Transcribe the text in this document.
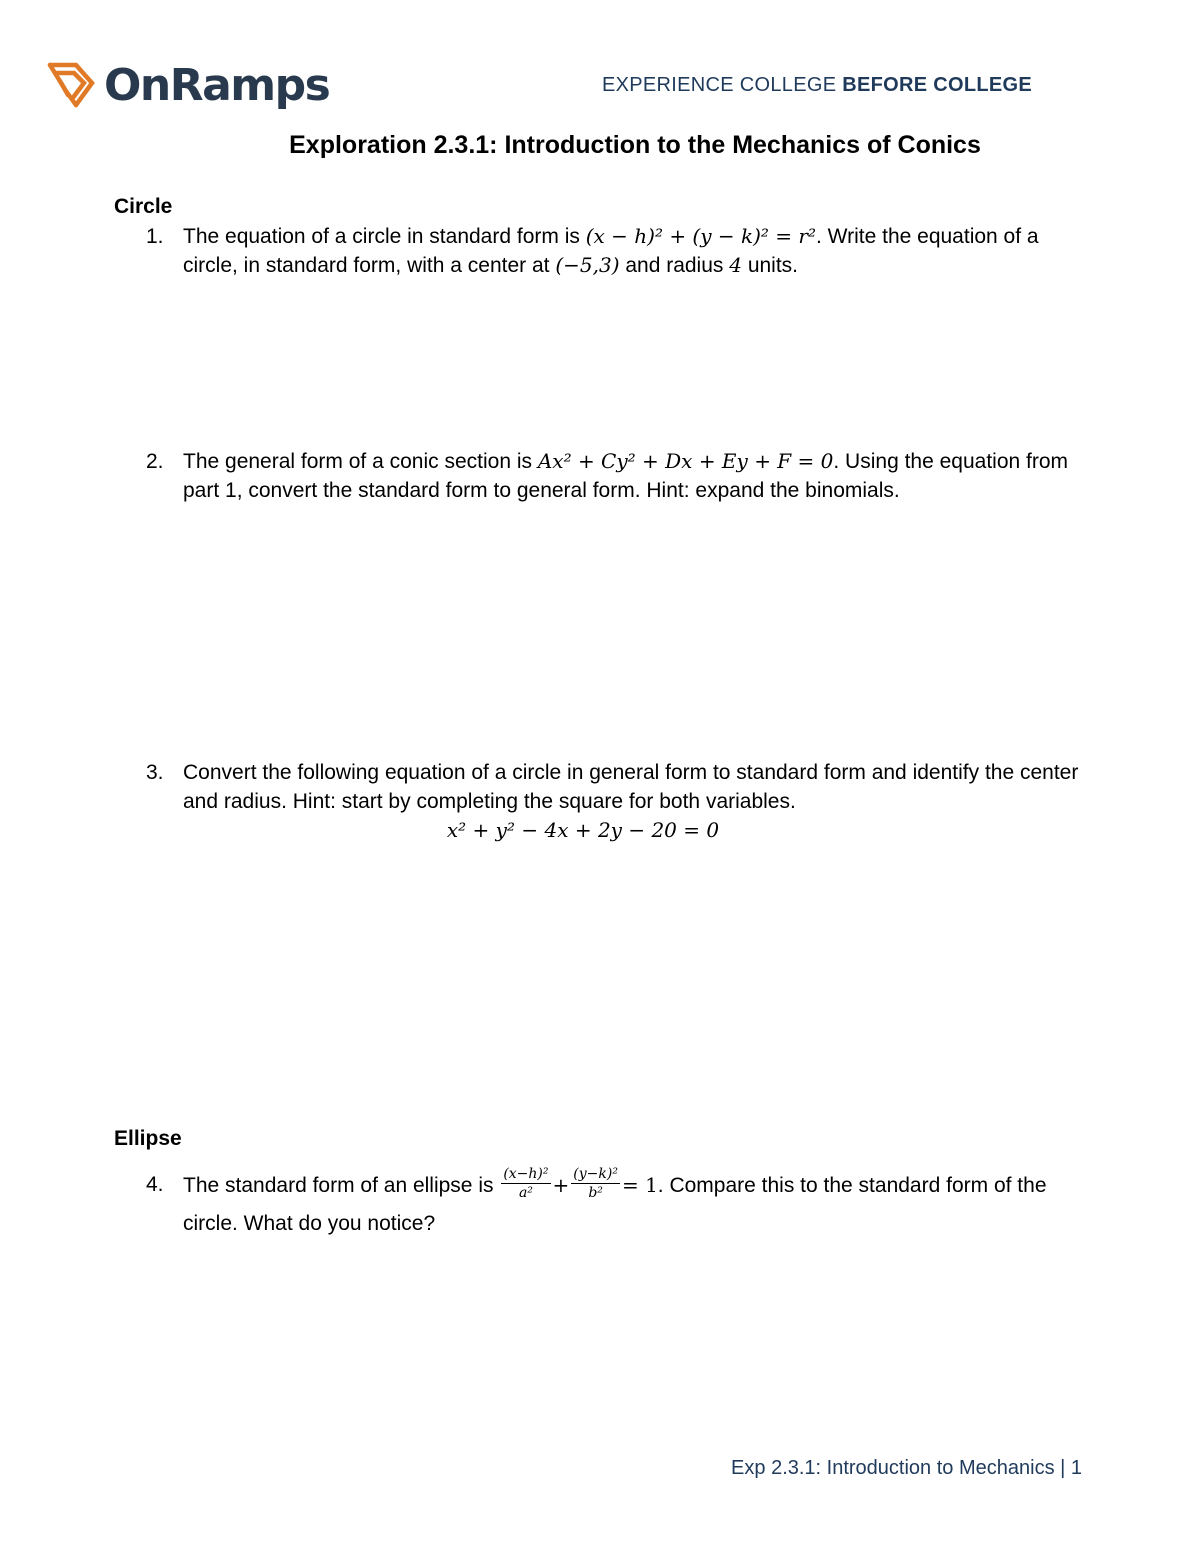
OnRamps	EXPERIENCE COLLEGE BEFORE COLLEGE
Exploration 2.3.1: Introduction to the Mechanics of Conics
Circle
1. The equation of a circle in standard form is (x − h)² + (y − k)² = r². Write the equation of a circle, in standard form, with a center at (−5,3) and radius 4 units.
2. The general form of a conic section is Ax² + Cy² + Dx + Ey + F = 0. Using the equation from part 1, convert the standard form to general form. Hint: expand the binomials.
3. Convert the following equation of a circle in general form to standard form and identify the center and radius. Hint: start by completing the square for both variables.
x² + y² − 4x + 2y − 20 = 0
Ellipse
4. The standard form of an ellipse is $\frac{\text{(x−h)²}}{\text{a²}} + \frac{\text{(y−k)²}}{\text{b²}} = 1$. Compare this to the standard form of the circle. What do you notice?
Exp 2.3.1: Introduction to Mechanics | 1
